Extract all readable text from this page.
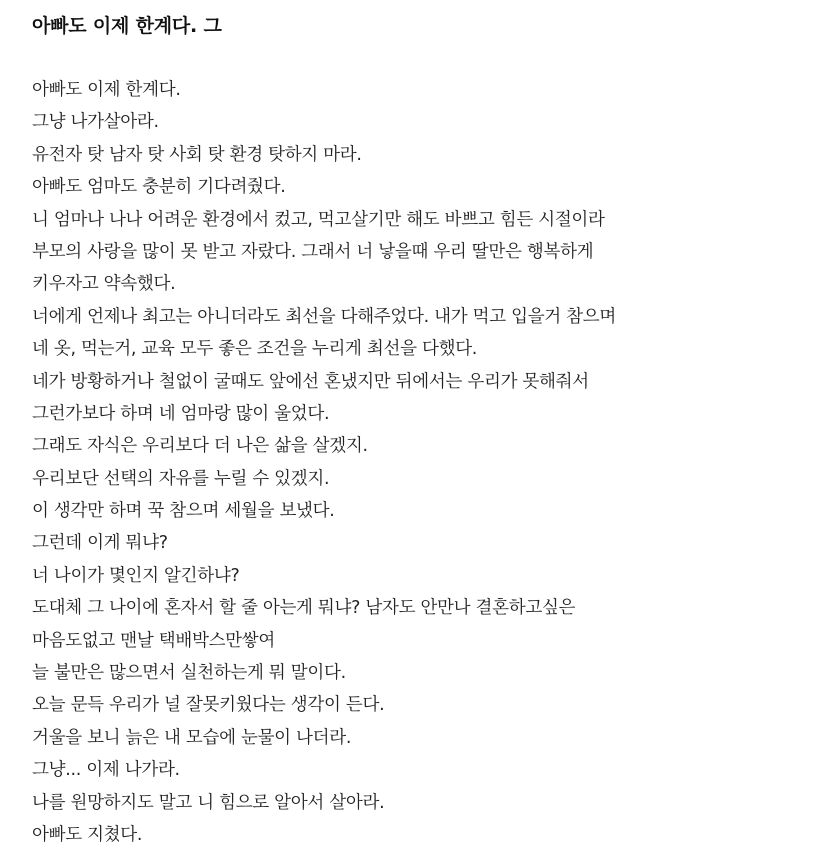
아빠도 이제 한계다. 그
아빠도 이제 한계다.
그냥 나가살아라.
유전자 탓 남자 탓 사회 탓 환경 탓하지 마라.
아빠도 엄마도 충분히 기다려줬다.
니 엄마나 나나 어려운 환경에서 컸고, 먹고살기만 해도 바쁘고 힘든 시절이라
부모의 사랑을 많이 못 받고 자랐다. 그래서 너 낳을때 우리 딸만은 행복하게
키우자고 약속했다.
너에게 언제나 최고는 아니더라도 최선을 다해주었다. 내가 먹고 입을거 참으며
네 옷, 먹는거, 교육 모두 좋은 조건을 누리게 최선을 다했다.
네가 방황하거나 철없이 굴때도 앞에선 혼냈지만 뒤에서는 우리가 못해줘서
그런가보다 하며 네 엄마랑 많이 울었다.
그래도 자식은 우리보다 더 나은 삶을 살겠지.
우리보단 선택의 자유를 누릴 수 있겠지.
이 생각만 하며 꾹 참으며 세월을 보냈다.
그런데 이게 뭐냐?
너 나이가 몇인지 알긴하냐?
도대체 그 나이에 혼자서 할 줄 아는게 뭐냐? 남자도 안만나 결혼하고싶은
마음도없고 맨날 택배박스만쌓여
늘 불만은 많으면서 실천하는게 뭐 말이다.
오늘 문득 우리가 널 잘못키웠다는 생각이 든다.
거울을 보니 늙은 내 모습에 눈물이 나더라.
그냥... 이제 나가라.
나를 원망하지도 말고 니 힘으로 알아서 살아라.
아빠도 지쳤다.
